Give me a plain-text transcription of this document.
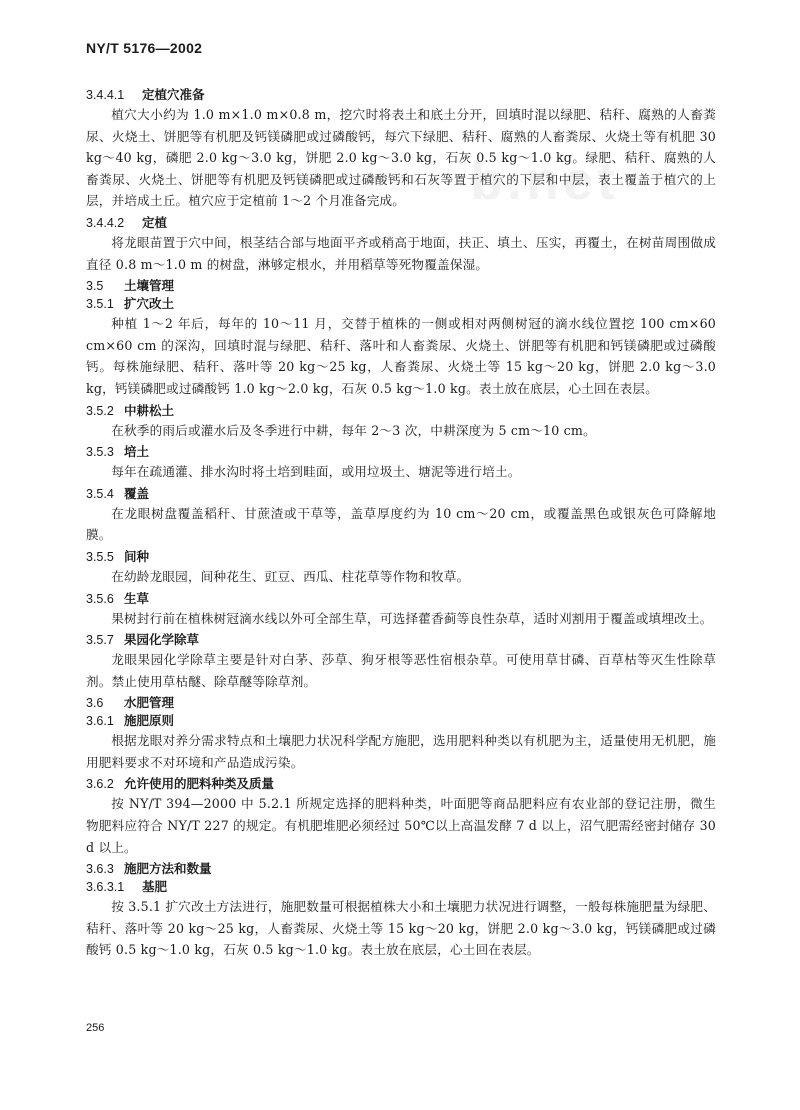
b.net
NY/T 5176—2002
3.4.4.1 定植穴准备

植穴大小约为 1.0 m×1.0 m×0.8 m，挖穴时将表土和底土分开，回填时混以绿肥、秸秆、腐熟的人畜粪尿、火烧土、饼肥等有机肥及钙镁磷肥或过磷酸钙，每穴下绿肥、秸秆、腐熟的人畜粪尿、火烧土等有机肥 30 kg～40 kg，磷肥 2.0 kg～3.0 kg，饼肥 2.0 kg～3.0 kg，石灰 0.5 kg～1.0 kg。绿肥、秸秆、腐熟的人畜粪尿、火烧土、饼肥等有机肥及钙镁磷肥或过磷酸钙和石灰等置于植穴的下层和中层，表土覆盖于植穴的上层，并培成土丘。植穴应于定植前 1～2 个月准备完成。

3.4.4.2 定植

将龙眼苗置于穴中间，根茎结合部与地面平齐或稍高于地面，扶正、填土、压实，再覆土，在树苗周围做成直径 0.8 m～1.0 m 的树盘，淋够定根水，并用稻草等死物覆盖保湿。

3.5 土壤管理
3.5.1 扩穴改土

种植 1～2 年后，每年的 10～11 月，交替于植株的一侧或相对两侧树冠的滴水线位置挖 100 cm×60 cm×60 cm 的深沟，回填时混与绿肥、秸秆、落叶和人畜粪尿、火烧土、饼肥等有机肥和钙镁磷肥或过磷酸钙。每株施绿肥、秸秆、落叶等 20 kg～25 kg，人畜粪尿、火烧土等 15 kg～20 kg，饼肥 2.0 kg～3.0 kg，钙镁磷肥或过磷酸钙 1.0 kg～2.0 kg，石灰 0.5 kg～1.0 kg。表土放在底层，心土回在表层。

3.5.2 中耕松土

在秋季的雨后或灌水后及冬季进行中耕，每年 2～3 次，中耕深度为 5 cm～10 cm。

3.5.3 培土

每年在疏通灌、排水沟时将土培到畦面，或用垃圾土、塘泥等进行培土。

3.5.4 覆盖

在龙眼树盘覆盖稻秆、甘蔗渣或干草等，盖草厚度约为 10 cm～20 cm，或覆盖黑色或银灰色可降解地膜。

3.5.5 间种

在幼龄龙眼园，间种花生、豇豆、西瓜、柱花草等作物和牧草。

3.5.6 生草

果树封行前在植株树冠滴水线以外可全部生草，可选择藿香蓟等良性杂草，适时刈割用于覆盖或填埋改土。

3.5.7 果园化学除草

龙眼果园化学除草主要是针对白茅、莎草、狗牙根等恶性宿根杂草。可使用草甘磷、百草枯等灭生性除草剂。禁止使用草枯醚、除草醚等除草剂。

3.6 水肥管理
3.6.1 施肥原则

根据龙眼对养分需求特点和土壤肥力状况科学配方施肥，选用肥料种类以有机肥为主，适量使用无机肥，施用肥料要求不对环境和产品造成污染。

3.6.2 允许使用的肥料种类及质量

按 NY/T 394—2000 中 5.2.1 所规定选择的肥料种类，叶面肥等商品肥料应有农业部的登记注册，微生物肥料应符合 NY/T 227 的规定。有机肥堆肥必须经过 50℃以上高温发酵 7 d 以上，沼气肥需经密封储存 30 d 以上。

3.6.3 施肥方法和数量
3.6.3.1 基肥

按 3.5.1 扩穴改土方法进行，施肥数量可根据植株大小和土壤肥力状况进行调整，一般每株施肥量为绿肥、秸秆、落叶等 20 kg～25 kg，人畜粪尿、火烧土等 15 kg～20 kg，饼肥 2.0 kg～3.0 kg，钙镁磷肥或过磷酸钙 0.5 kg～1.0 kg，石灰 0.5 kg～1.0 kg。表土放在底层，心土回在表层。

256
